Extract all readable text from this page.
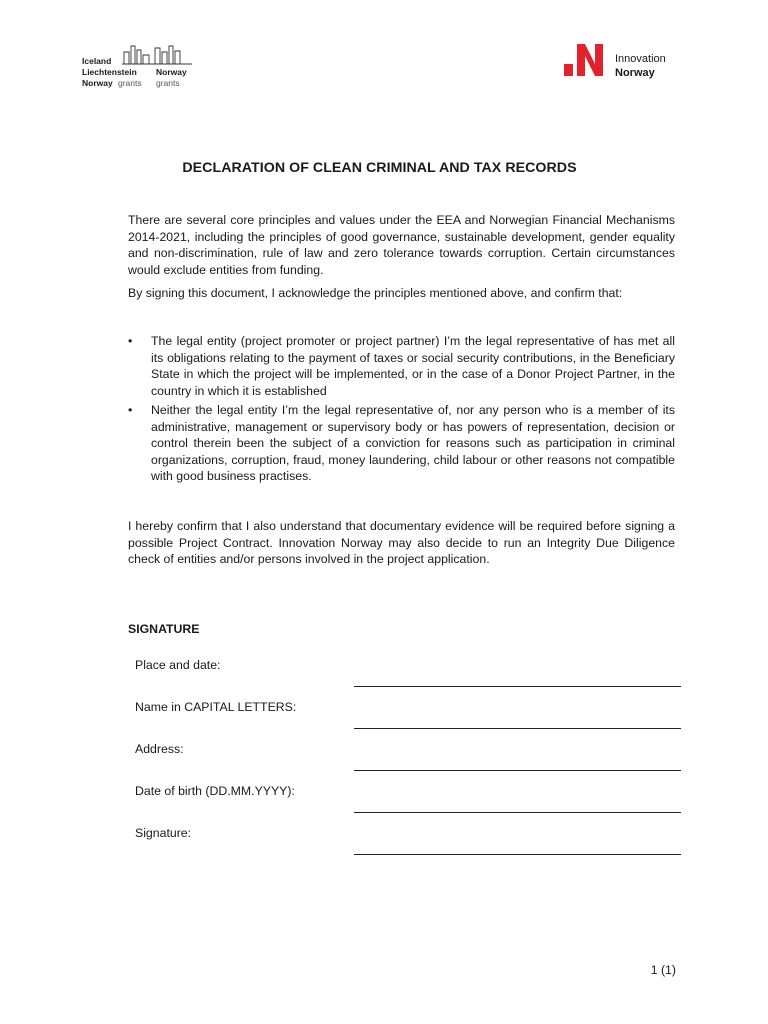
Iceland
Liechtenstein Norway
Norway grants grants
Innovation
Norway
DECLARATION OF CLEAN CRIMINAL AND TAX RECORDS

There are several core principles and values under the EEA and Norwegian Financial Mechanisms 2014-2021, including the principles of good governance, sustainable development, gender equality and non-discrimination, rule of law and zero tolerance towards corruption. Certain circumstances would exclude entities from funding.

By signing this document, I acknowledge the principles mentioned above, and confirm that:

• The legal entity (project promoter or project partner) I’m the legal representative of has met all its obligations relating to the payment of taxes or social security contributions, in the Beneficiary State in which the project will be implemented, or in the case of a Donor Project Partner, in the country in which it is established
• Neither the legal entity I’m the legal representative of, nor any person who is a member of its administrative, management or supervisory body or has powers of representation, decision or control therein been the subject of a conviction for reasons such as participation in criminal organizations, corruption, fraud, money laundering, child labour or other reasons not compatible with good business practises.

I hereby confirm that I also understand that documentary evidence will be required before signing a possible Project Contract. Innovation Norway may also decide to run an Integrity Due Diligence check of entities and/or persons involved in the project application.

SIGNATURE
Place and date:
Name in CAPITAL LETTERS:
Address:
Date of birth (DD.MM.YYYY):
Signature:
1 (1)
